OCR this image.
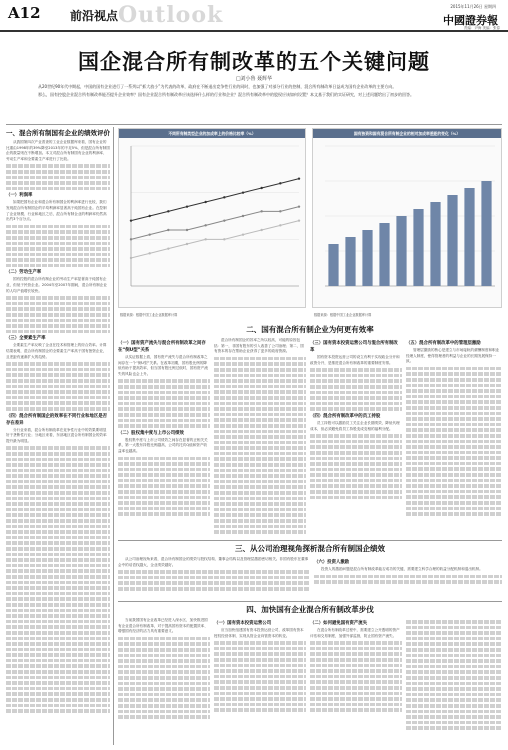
A12 前沿视点 Outlook	2015年11月26日 星期四
中國證券報
责编：尹海 美编：张春
国企混合所有制改革的五个关键问题
□刘小鲁 聂辉华

从20世纪90年代中期起，中国的国有企业进行了一系列以“抓大放小”为代表的改革，政府在不断退出竞争性行业的同时，也加强了对部分行业的控制，混合所有制改革日益成为国有企业改革的主要方向。

那么，国有控股企业混合所有制改革能否提升企业效率？国有企业混合所有制改革应该选择什么样的行业和企业？混合所有制改革中的股权应该如何设置？本文基于我们的实证研究，对上述问题给出了初步的回答。

一、混合所有制国有企业的绩效评价

从我国第四次产业普查的工业企业数据库来看，国有企业的比重由1998年的39%降至2013年的不足5%，但是混合所有制国企的数量则在不断增加。本文对混合所有制国有企业的利润率、劳动生产率和全要素生产率进行了比较。

（一）利润率

如果把国有企业和混合所有制国企的利润率进行比较，我们发现混合所有制国企的平均利润率显著高于纯国有企业。在控制了企业规模、行业和地区之后，混合所有制企业的利润率仍然高出约3个百分点。

（二）劳动生产率

国有控股的混合所有制企业的劳动生产率显著高于纯国有企业，但低于民营企业。2004年至2007年期间，混合所有制企业的人均产值增长较快。

（三）全要素生产率

全要素生产率反映了企业在技术和管理上的综合效率。计算结果表明，混合所有制国企的全要素生产率高于国有独资企业，且差距有逐渐扩大的趋势。

（四）混合所有制国企的效率在不同行业和地区是否存在差异

分行业来看，混合所有制改革在竞争性行业中的效果要明显好于垄断性行业；分地区来看，东部地区混合所有制国企的效率提升最为明显。

不同所有制类型企业的加成率上的价格比较率（%）
数据来源：根据中国工业企业数据库计算
国有独资和国有混合所有制企业的相对加成率差距的变化（%）
数据来源：根据中国工业企业数据库计算
二、国有混合所有制企业为何更有效率
（一）国有资产流失与混合所有制改革之间存在“倒U型”关系

从实证数据上看，国有资产流失与混合所有制改革之间存在一个“倒U型”关系。在改革初期，国有股比例的降低有助于提高效率，但当国有股比例过低时，国有资产流失的风险也会上升。

（二）股权集中度与上市公司绩效

股权集中度与上市公司绩效之间存在显著的正相关关系，第一大股东持股比例越高，公司的托宾Q值和资产收益率也越高。

混合所有制国企的效率之所以较高，可能的原因包括：第一，非国有股东的引入改善了公司治理；第二，国有资本的存在帮助企业获得了更多的政府资源。

（三）国有资本投资运营公司与混合所有制改革

国有资本投资运营公司的设立有利于实现政企分开和政资分开，是推进混合所有制改革的重要制度安排。

（四）混合所有制改革中的员工持股

员工持股可以激励员工关注企业长期绩效，降低代理成本，但必须避免将员工持股变成变相的福利分配。

（五）混合所有制改革中的管理层激励

管理层激励的核心是建立与市场接轨的薪酬制度和职业经理人制度，使得管理者的利益与企业的长期发展保持一致。

三、从公司治理视角探析混合所有制国企绩效

从公司治理视角来看，混合所有制国企的绩效与股权结构、董事会结构以及管理层激励密切相关。非国有股东在董事会中的话语权越大，企业绩效越好。	（六）投资人激励

投资人的激励问题是混合所有制改革能否成功的关键，需要建立科学合理的收益分配机制和退出机制。

四、加快国有企业混合所有制改革步伐

当前我国国有企业改革已经进入深水区，加快推进国有企业混合所有制改革，对于提高国有资本的配置效率、增强国有经济的活力具有重要意义。

（一）国有资本投资运营公司

应当加快组建国有资本投资运营公司，改革国有资本授权经营体制，实现从管企业向管资本的转变。

（二）如何避免国有资产流失

在混合所有制改革过程中，需要建立公开透明的资产评估和交易制度，加强外部监督，防止国有资产流失。
